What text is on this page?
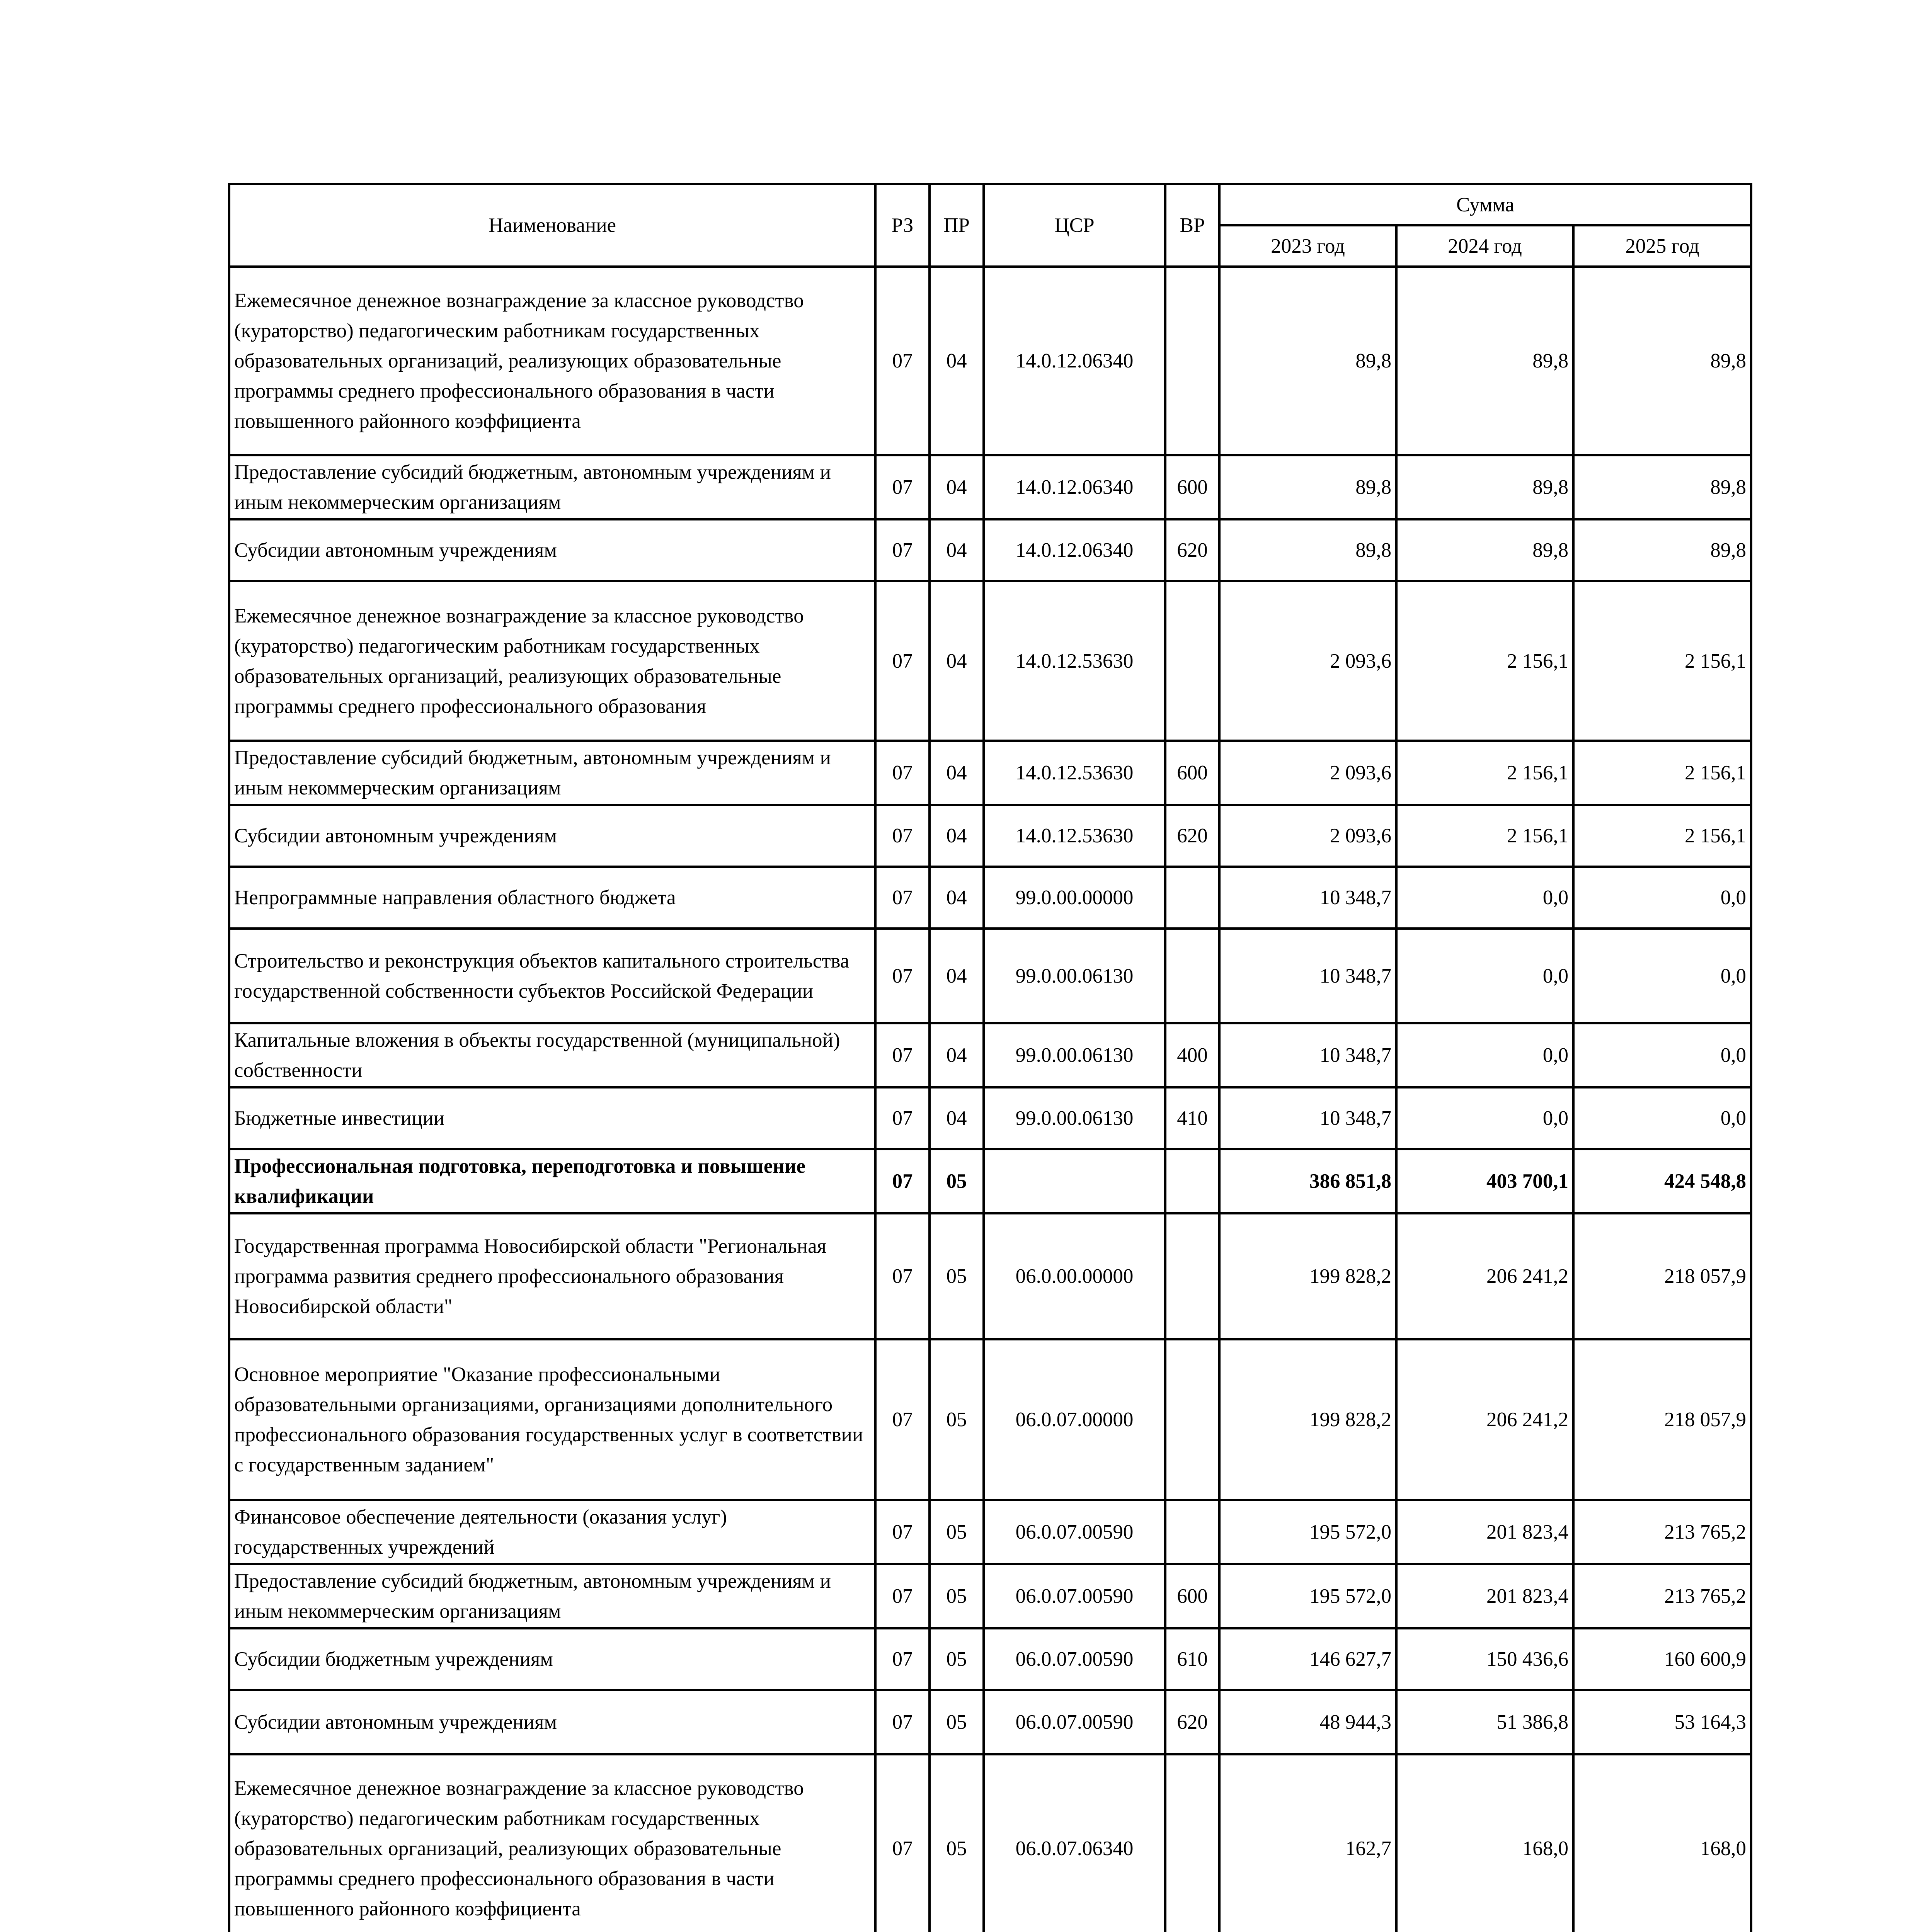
Наименование	РЗ	ПР	ЦСР	ВР	Сумма		
					2023 год	2024 год	2025 год
Ежемесячное денежное вознаграждение за классное руководство (кураторство) педагогическим работникам государственных образовательных организаций, реализующих образовательные программы среднего профессионального образования в части повышенного районного коэффициента	07	04	14.0.12.06340		89,8	89,8	89,8
Предоставление субсидий бюджетным, автономным учреждениям и иным некоммерческим организациям	07	04	14.0.12.06340	600	89,8	89,8	89,8
Субсидии автономным учреждениям	07	04	14.0.12.06340	620	89,8	89,8	89,8
Ежемесячное денежное вознаграждение за классное руководство (кураторство) педагогическим работникам государственных образовательных организаций, реализующих образовательные программы среднего профессионального образования	07	04	14.0.12.53630		2 093,6	2 156,1	2 156,1
Предоставление субсидий бюджетным, автономным учреждениям и иным некоммерческим организациям	07	04	14.0.12.53630	600	2 093,6	2 156,1	2 156,1
Субсидии автономным учреждениям	07	04	14.0.12.53630	620	2 093,6	2 156,1	2 156,1
Непрограммные направления областного бюджета	07	04	99.0.00.00000		10 348,7	0,0	0,0
Строительство и реконструкция объектов капитального строительства государственной собственности субъектов Российской Федерации	07	04	99.0.00.06130		10 348,7	0,0	0,0
Капитальные вложения в объекты государственной (муниципальной) собственности	07	04	99.0.00.06130	400	10 348,7	0,0	0,0
Бюджетные инвестиции	07	04	99.0.00.06130	410	10 348,7	0,0	0,0
Профессиональная подготовка, переподготовка и повышение квалификации	07	05			386 851,8	403 700,1	424 548,8
Государственная программа Новосибирской области "Региональная программа развития среднего профессионального образования Новосибирской области"	07	05	06.0.00.00000		199 828,2	206 241,2	218 057,9
Основное мероприятие "Оказание профессиональными образовательными организациями, организациями дополнительного профессионального образования государственных услуг в соответствии с государственным заданием"	07	05	06.0.07.00000		199 828,2	206 241,2	218 057,9
Финансовое обеспечение деятельности (оказания услуг) государственных учреждений	07	05	06.0.07.00590		195 572,0	201 823,4	213 765,2
Предоставление субсидий бюджетным, автономным учреждениям и иным некоммерческим организациям	07	05	06.0.07.00590	600	195 572,0	201 823,4	213 765,2
Субсидии бюджетным учреждениям	07	05	06.0.07.00590	610	146 627,7	150 436,6	160 600,9
Субсидии автономным учреждениям	07	05	06.0.07.00590	620	48 944,3	51 386,8	53 164,3
Ежемесячное денежное вознаграждение за классное руководство (кураторство) педагогическим работникам государственных образовательных организаций, реализующих образовательные программы среднего профессионального образования в части повышенного районного коэффициента	07	05	06.0.07.06340		162,7	168,0	168,0
